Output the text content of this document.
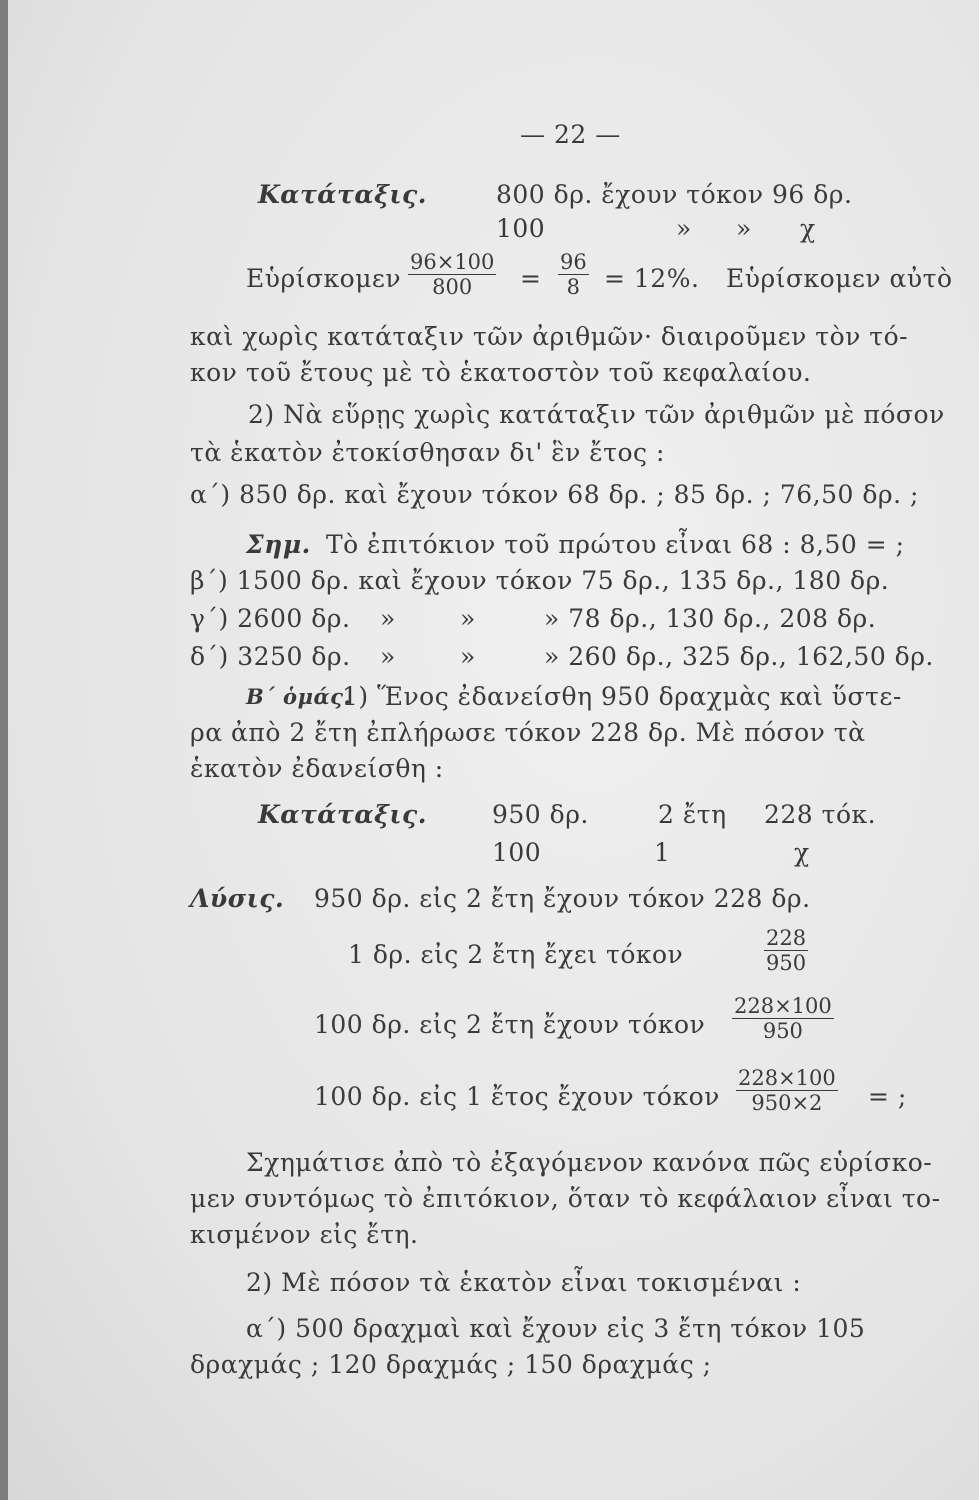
— 22 —
Κατάταξις.	800 δρ. ἔχουν τόκον 96 δρ.
100	» » χ
Εὑρίσκομεν $\frac{96\times 100}{800} = \frac{96}{8} = 12\%$. Εὑρίσκομεν αὐτὸ
καὶ χωρὶς κατάταξιν τῶν ἀριθμῶν· διαιροῦμεν τὸν τό-
κον τοῦ ἔτους μὲ τὸ ἑκατοστὸν τοῦ κεφαλαίου.
2) Νὰ εὕρῃς χωρὶς κατάταξιν τῶν ἀριθμῶν μὲ πόσον
τὰ ἑκατὸν ἐτοκίσθησαν δι' ἓν ἔτος :
α΄) 850 δρ. καὶ ἔχουν τόκον 68 δρ. ; 85 δρ. ; 76,50 δρ. ;
Σημ. Τὸ ἐπιτόκιον τοῦ πρώτου εἶναι 68 : 8,50 = ;
β΄) 1500 δρ. καὶ ἔχουν τόκον 75 δρ., 135 δρ., 180 δρ.
γ΄) 2600 δρ. »	»	» 78 δρ., 130 δρ., 208 δρ.
δ΄) 3250 δρ. »	»	» 260 δρ., 325 δρ., 162,50 δρ.
Β΄ ὁμάς.
1) Ἕνος ἐδανείσθη 950 δραχμὰς καὶ ὕστε-
ρα ἀπὸ 2 ἔτη ἐπλήρωσε τόκον 228 δρ. Μὲ πόσον τὰ
ἑκατὸν ἐδανείσθη :
Κατάταξις.	950 δρ.	2 ἔτη 228 τόκ.
100	1	χ
Λύσις. 950 δρ. εἰς 2 ἔτη ἔχουν τόκον 228 δρ.
1 δρ. εἰς 2 ἔτη ἔχει τόκον	$\frac{228}{950}$
100 δρ. εἰς 2 ἔτη ἔχουν τόκον $\frac{228\times 100}{950}$
100 δρ. εἰς 1 ἔτος ἔχουν τόκον $\frac{228\times 100}{950\times 2}$ = ;
Σχημάτισε ἀπὸ τὸ ἐξαγόμενον κανόνα πῶς εὑρίσκο-
μεν συντόμως τὸ ἐπιτόκιον, ὅταν τὸ κεφάλαιον εἶναι το-
κισμένον εἰς ἔτη.
2) Μὲ πόσον τὰ ἑκατὸν εἶναι τοκισμέναι :
α΄) 500 δραχμαὶ καὶ ἔχουν εἰς 3 ἔτη τόκον 105
δραχμάς ; 120 δραχμάς ; 150 δραχμάς ;
